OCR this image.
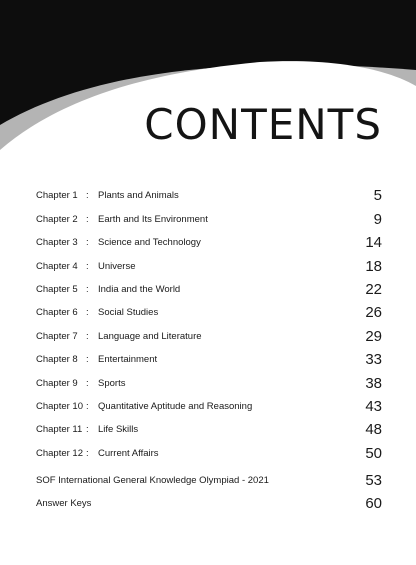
CONTENTS
Chapter 1 : Plants and Animals	5
Chapter 2 : Earth and Its Environment	9
Chapter 3 : Science and Technology	14
Chapter 4 : Universe	18
Chapter 5 : India and the World	22
Chapter 6 : Social Studies	26
Chapter 7 : Language and Literature	29
Chapter 8 : Entertainment	33
Chapter 9 : Sports	38
Chapter 10 : Quantitative Aptitude and Reasoning	43
Chapter 11 : Life Skills	48
Chapter 12 : Current Affairs	50
SOF International General Knowledge Olympiad - 2021	53
Answer Keys	60
